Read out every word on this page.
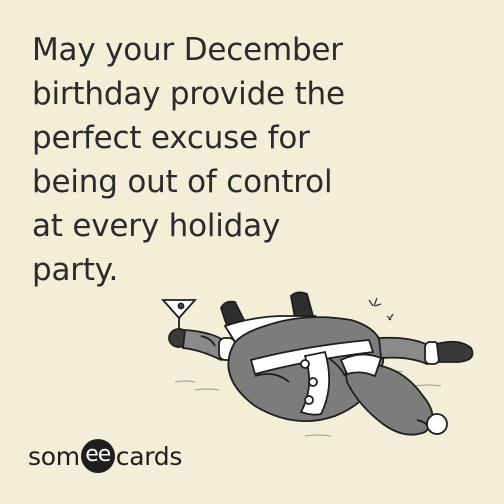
May your December
birthday provide the
perfect excuse for
being out of control
at every holiday
party.
som ee cards
